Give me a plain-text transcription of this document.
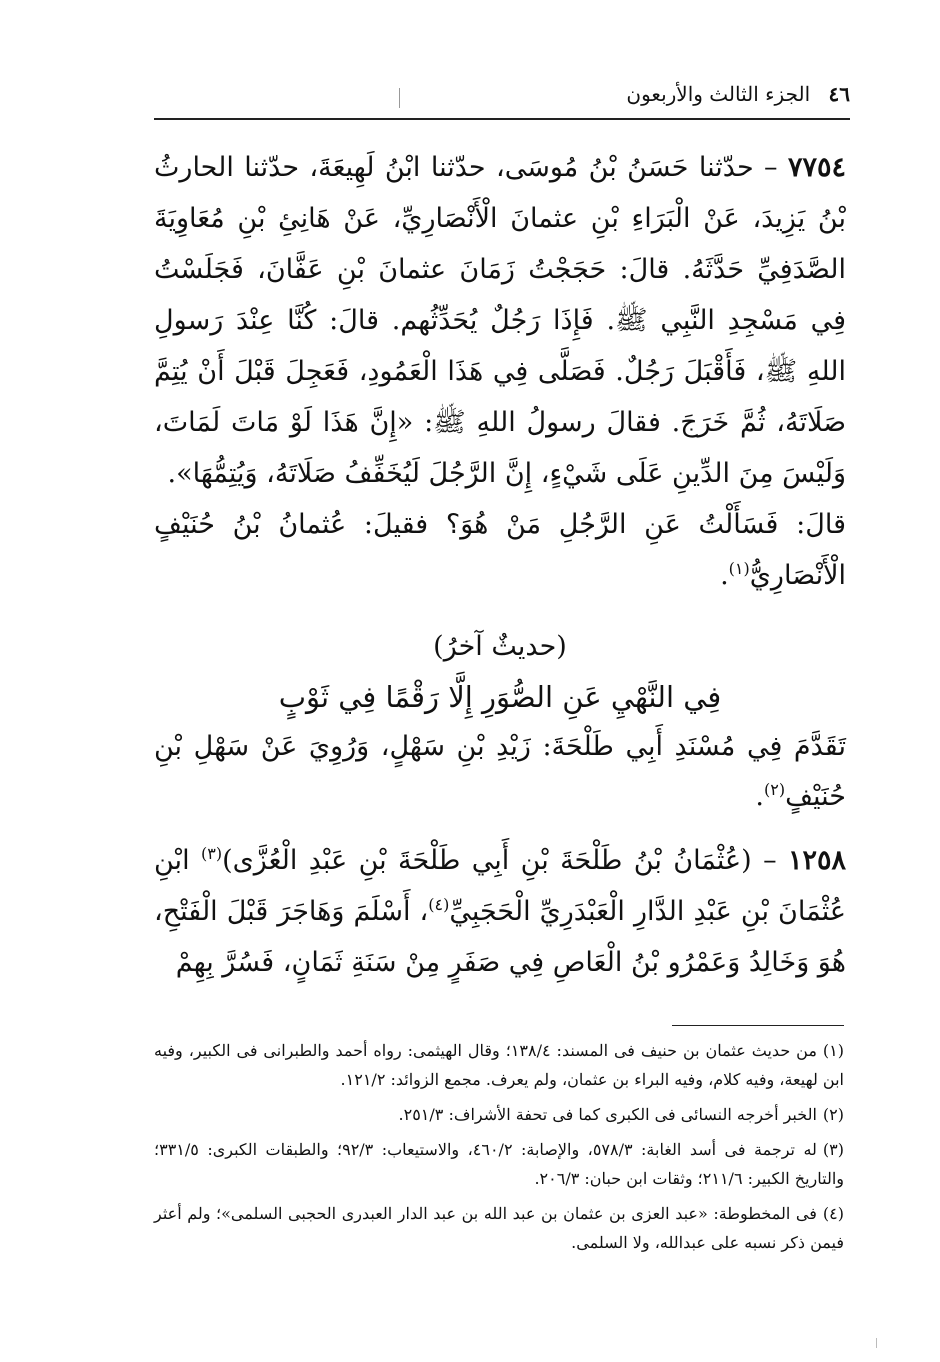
٤٦ الجزء الثالث والأربعون

٧٧٥٤ – حدّثنا حَسَنُ بْنُ مُوسَى، حدّثنا ابْنُ لَهِيعَةَ، حدّثنا الحارثُ بْنُ يَزِيدَ، عَنْ الْبَرَاءِ بْنِ عثمانَ الْأَنْصَارِيِّ، عَنْ هَانِئِ بْنِ مُعَاوِيَةَ الصَّدَفِيِّ حَدَّثَهُ. قالَ: حَجَجْتُ زَمَانَ عثمانَ بْنِ عَفَّانَ، فَجَلَسْتُ فِي مَسْجِدِ النَّبِي ﷺ. فَإِذَا رَجُلٌ يُحَدِّثُهم. قالَ: كُنَّا عِنْدَ رَسولِ اللهِ ﷺ، فَأَقْبَلَ رَجُلٌ. فَصَلَّى فِي هَذَا الْعَمُودِ، فَعَجِلَ قَبْلَ أَنْ يُتِمَّ صَلَاتَهُ، ثُمَّ خَرَجَ. فقالَ رسولُ اللهِ ﷺ: «إِنَّ هَذَا لَوْ مَاتَ لَمَاتَ، وَلَيْسَ مِنَ الدِّينِ عَلَى شَيْءٍ، إِنَّ الرَّجُلَ لَيُخَفِّفُ صَلَاتَهُ، وَيُتِمُّهَا».

قالَ: فَسَأَلْتُ عَنِ الرَّجُلِ مَنْ هُوَ؟ فقيلَ: عُثمانُ بْنُ حُنَيْفٍ الْأَنْصَارِيُّ$^{(١)}$.

(حديثٌ آخرُ)

فِي النَّهْيِ عَنِ الصُّوَرِ إِلَّا رَقْمًا فِي ثَوْبٍ

تَقَدَّمَ فِي مُسْنَدِ أَبِي طَلْحَةَ: زَيْدِ بْنِ سَهْلٍ، وَرُوِيَ عَنْ سَهْلِ بْنِ حُنَيْفٍ$^{(٢)}$.

١٢٥٨ – (عُثْمَانُ بْنُ طَلْحَةَ بْنِ أَبِي طَلْحَةَ بْنِ عَبْدِ الْعُزَّى)$^{(٣)}$ ابْنِ عُثْمَانَ بْنِ عَبْدِ الدَّارِ الْعَبْدَرِيِّ الْحَجَبِيِّ$^{(٤)}$، أَسْلَمَ وَهَاجَرَ قَبْلَ الْفَتْحِ، هُوَ وَخَالِدُ وَعَمْرُو بْنُ الْعَاصِ فِي صَفَرٍ مِنْ سَنَةِ ثَمَانٍ، فَسُرَّ بِهِمْ

(١)من حديث عثمان بن حنيف فى المسند: ١٣٨/٤؛ وقال الهيثمى: رواه أحمد والطبرانى فى الكبير، وفيه ابن لهيعة، وفيه كلام، وفيه البراء بن عثمان، ولم يعرف. مجمع الزوائد: ١٢١/٢.

(٢)الخبر أخرجه النسائى فى الكبرى كما فى تحفة الأشراف: ٢٥١/٣.

(٣)له ترجمة فى أسد الغابة: ٥٧٨/٣، والإصابة: ٤٦٠/٢، والاستيعاب: ٩٢/٣؛ والطبقات الكبرى: ٣٣١/٥؛ والتاريخ الكبير: ٢١١/٦؛ وثقات ابن حبان: ٢٠٦/٣.

(٤)فى المخطوطة: «عبد العزى بن عثمان بن عبد الله بن عبد الدار العبدرى الحجبى السلمى»؛ ولم أعثر فيمن ذكر نسبه على عبدالله، ولا السلمى.
